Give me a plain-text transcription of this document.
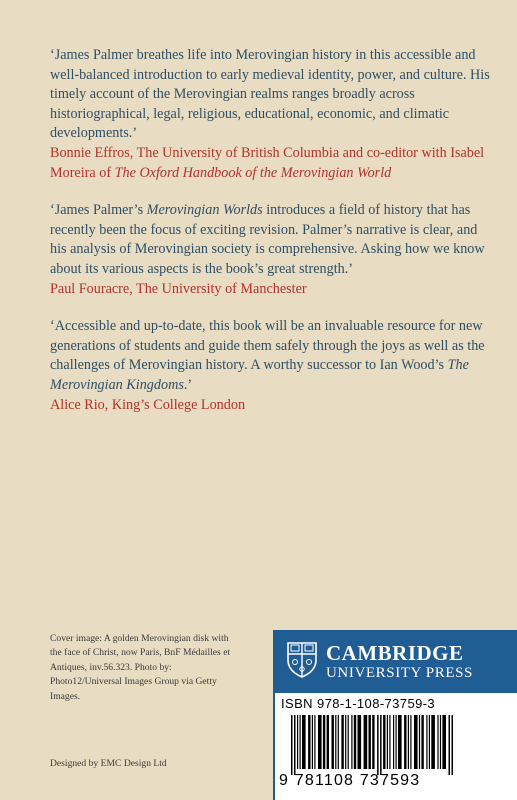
‘James Palmer breathes life into Merovingian history in this accessible and well-balanced introduction to early medieval identity, power, and culture. His timely account of the Merovingian realms ranges broadly across historiographical, legal, religious, educational, economic, and climatic developments.’

Bonnie Effros, The University of British Columbia and co-editor with Isabel Moreira of The Oxford Handbook of the Merovingian World

‘James Palmer’s Merovingian Worlds introduces a field of history that has recently been the focus of exciting revision. Palmer’s narrative is clear, and his analysis of Merovingian society is comprehensive. Asking how we know about its various aspects is the book’s great strength.’

Paul Fouracre, The University of Manchester

‘Accessible and up-to-date, this book will be an invaluable resource for new generations of students and guide them safely through the joys as well as the challenges of Merovingian history. A worthy successor to Ian Wood’s The Merovingian Kingdoms.’

Alice Rio, King’s College London

Cover image: A golden Merovingian disk with the face of Christ, now Paris, BnF Médailles et Antiques, inv.56.323. Photo by: Photo12/Universal Images Group via Getty Images.

Designed by EMC Design Ltd
CAMBRIDGE
UNIVERSITY PRESS
ISBN 978-1-108-73759-3
9 781108 737593
